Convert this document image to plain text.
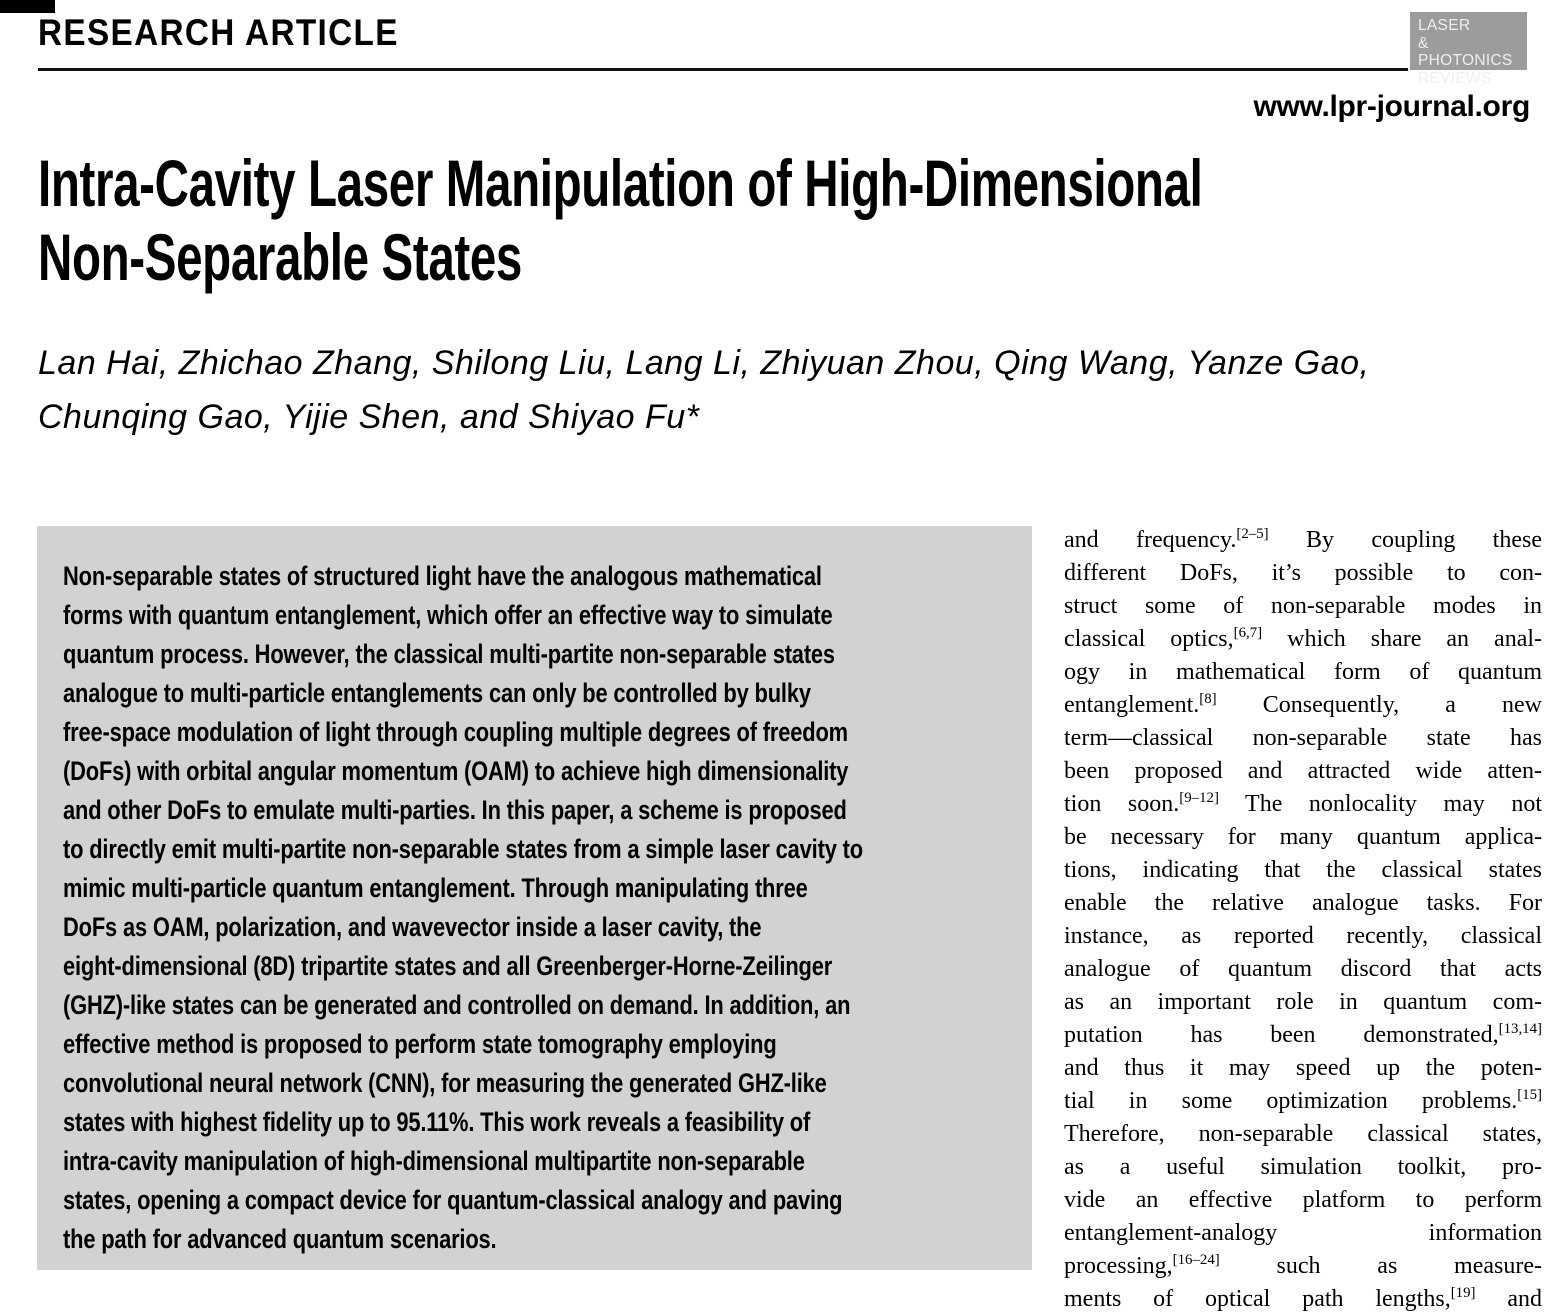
RESEARCH ARTICLE	LASER
& PHOTONICS
REVIEWS
www.lpr-journal.org
Intra-Cavity Laser Manipulation of High-Dimensional
Non-Separable States
Lan Hai, Zhichao Zhang, Shilong Liu, Lang Li, Zhiyuan Zhou, Qing Wang, Yanze Gao,
Chunqing Gao, Yijie Shen, and Shiyao Fu*
Non-separable states of structured light have the analogous mathematical
forms with quantum entanglement, which offer an effective way to simulate
quantum process. However, the classical multi-partite non-separable states
analogue to multi-particle entanglements can only be controlled by bulky
free-space modulation of light through coupling multiple degrees of freedom
(DoFs) with orbital angular momentum (OAM) to achieve high dimensionality
and other DoFs to emulate multi-parties. In this paper, a scheme is proposed
to directly emit multi-partite non-separable states from a simple laser cavity to
mimic multi-particle quantum entanglement. Through manipulating three
DoFs as OAM, polarization, and wavevector inside a laser cavity, the
eight-dimensional (8D) tripartite states and all Greenberger-Horne-Zeilinger
(GHZ)-like states can be generated and controlled on demand. In addition, an
effective method is proposed to perform state tomography employing
convolutional neural network (CNN), for measuring the generated GHZ-like
states with highest fidelity up to 95.11%. This work reveals a feasibility of
intra-cavity manipulation of high-dimensional multipartite non-separable
states, opening a compact device for quantum-classical analogy and paving
the path for advanced quantum scenarios.
and frequency.[2–5] By coupling these
different DoFs, it’s possible to con-
struct some of non-separable modes in
classical optics,[6,7] which share an anal-
ogy in mathematical form of quantum
entanglement.[8] Consequently, a new
term—classical non-separable state has
been proposed and attracted wide atten-
tion soon.[9–12] The nonlocality may not
be necessary for many quantum applica-
tions, indicating that the classical states
enable the relative analogue tasks. For
instance, as reported recently, classical
analogue of quantum discord that acts
as an important role in quantum com-
putation has been demonstrated,[13,14]
and thus it may speed up the poten-
tial in some optimization problems.[15]
Therefore, non-separable classical states,
as a useful simulation toolkit, pro-
vide an effective platform to perform
entanglement-analogy information
processing,[16–24] such as measure-
ments of optical path lengths,[19] and
